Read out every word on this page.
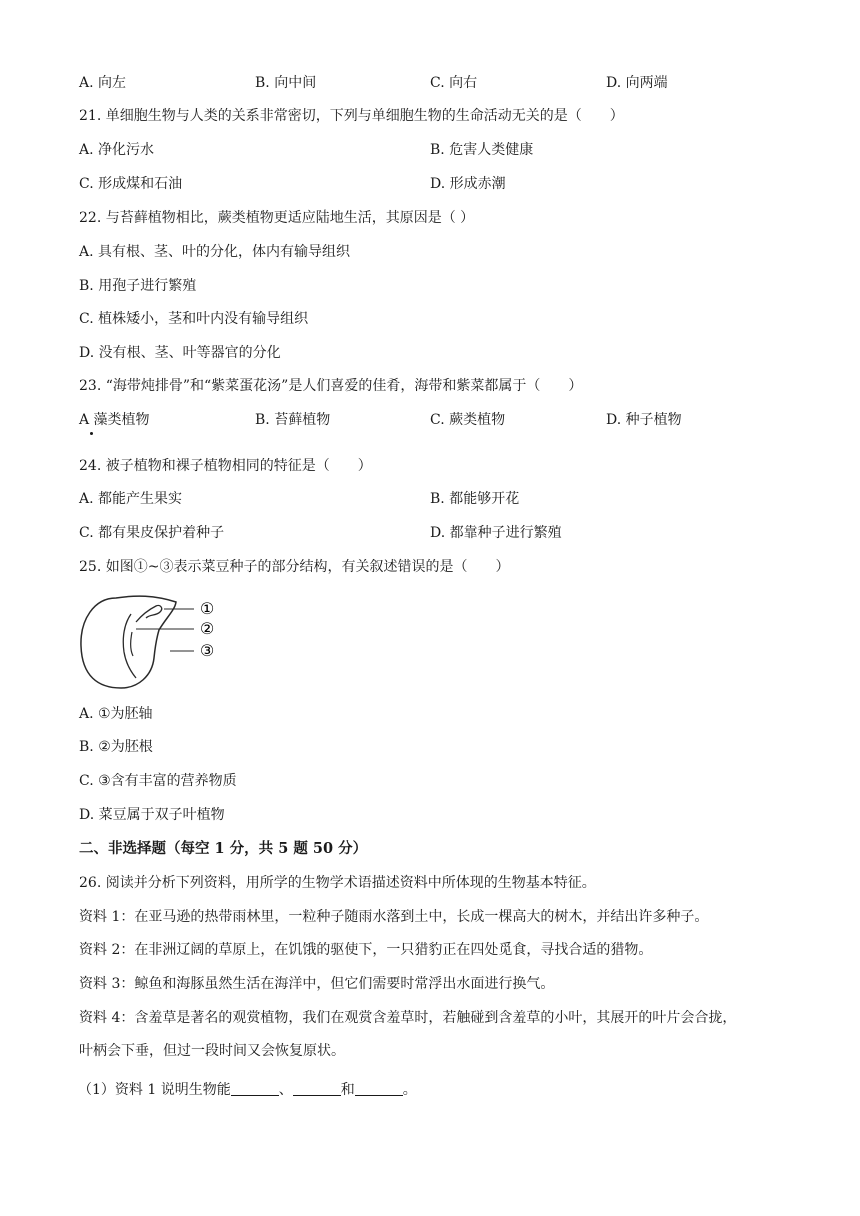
A. 向左	B. 向中间	C. 向右	D. 向两端
21. 单细胞生物与人类的关系非常密切，下列与单细胞生物的生命活动无关的是（　　）
A. 净化污水	B. 危害人类健康
C. 形成煤和石油	D. 形成赤潮
22. 与苔藓植物相比，蕨类植物更适应陆地生活，其原因是（ ）
A. 具有根、茎、叶的分化，体内有输导组织
B. 用孢子进行繁殖
C. 植株矮小，茎和叶内没有输导组织
D. 没有根、茎、叶等器官的分化
23. “海带炖排骨”和“紫菜蛋花汤”是人们喜爱的佳肴，海带和紫菜都属于（　　）
A 藻类植物	B. 苔藓植物	C. 蕨类植物	D. 种子植物
24. 被子植物和裸子植物相同的特征是（　　）
A. 都能产生果实	B. 都能够开花
C. 都有果皮保护着种子	D. 都靠种子进行繁殖
25. 如图①~③表示菜豆种子的部分结构，有关叙述错误的是（　　）
①
②
③
A. ①为胚轴
B. ②为胚根
C. ③含有丰富的营养物质
D. 菜豆属于双子叶植物
二、非选择题（每空 1 分，共 5 题 50 分）
26. 阅读并分析下列资料，用所学的生物学术语描述资料中所体现的生物基本特征。
资料 1：在亚马逊的热带雨林里，一粒种子随雨水落到土中，长成一棵高大的树木，并结出许多种子。
资料 2：在非洲辽阔的草原上，在饥饿的驱使下，一只猎豹正在四处觅食，寻找合适的猎物。
资料 3：鲸鱼和海豚虽然生活在海洋中，但它们需要时常浮出水面进行换气。
资料 4：含羞草是著名的观赏植物，我们在观赏含羞草时，若触碰到含羞草的小叶，其展开的叶片会合拢，
叶柄会下垂，但过一段时间又会恢复原状。
（1）资料 1 说明生物能	、	和	。
